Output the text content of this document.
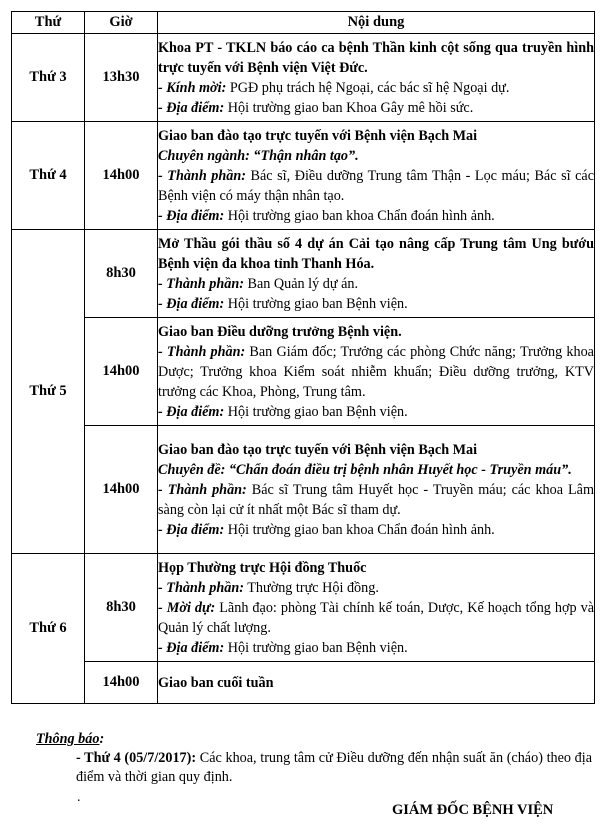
Thứ	Giờ	Nội dung
Thứ 3	13h30	Khoa PT - TKLN báo cáo ca bệnh Thần kinh cột sống qua truyền hình trực tuyến với Bệnh viện Việt Đức.
- Kính mời: PGĐ phụ trách hệ Ngoại, các bác sĩ hệ Ngoại dự.
- Địa điểm: Hội trường giao ban Khoa Gây mê hồi sức.

Thứ 4	14h00	Giao ban đào tạo trực tuyến với Bệnh viện Bạch Mai
Chuyên ngành: “Thận nhân tạo”.
- Thành phần: Bác sĩ, Điều dưỡng Trung tâm Thận - Lọc máu; Bác sĩ các Bệnh viện có máy thận nhân tạo.
- Địa điểm: Hội trường giao ban khoa Chẩn đoán hình ảnh.

Thứ 5	8h30	Mở Thầu gói thầu số 4 dự án Cải tạo nâng cấp Trung tâm Ung bướu Bệnh viện đa khoa tỉnh Thanh Hóa.
- Thành phần: Ban Quản lý dự án.
- Địa điểm: Hội trường giao ban Bệnh viện.

	14h00	Giao ban Điều dưỡng trưởng Bệnh viện.
- Thành phần: Ban Giám đốc; Trưởng các phòng Chức năng; Trưởng khoa Dược; Trưởng khoa Kiểm soát nhiễm khuẩn; Điều dưỡng trưởng, KTV trưởng các Khoa, Phòng, Trung tâm.
- Địa điểm: Hội trường giao ban Bệnh viện.

	14h00	Giao ban đào tạo trực tuyến với Bệnh viện Bạch Mai
Chuyên đề: “Chẩn đoán điều trị bệnh nhân Huyết học - Truyền máu”.
- Thành phần: Bác sĩ Trung tâm Huyết học - Truyền máu; các khoa Lâm sàng còn lại cử ít nhất một Bác sĩ tham dự.
- Địa điểm: Hội trường giao ban khoa Chẩn đoán hình ảnh.

Thứ 6	8h30	Họp Thường trực Hội đồng Thuốc
- Thành phần: Thường trực Hội đồng.
- Mời dự: Lãnh đạo: phòng Tài chính kế toán, Dược, Kế hoạch tổng hợp và Quản lý chất lượng.
- Địa điểm: Hội trường giao ban Bệnh viện.

	14h00	Giao ban cuối tuần
Thông báo:
- Thứ 4 (05/7/2017): Các khoa, trung tâm cử Điều dưỡng đến nhận suất ăn (cháo) theo địa điểm và thời gian quy định.
.
GIÁM ĐỐC BỆNH VIỆN
